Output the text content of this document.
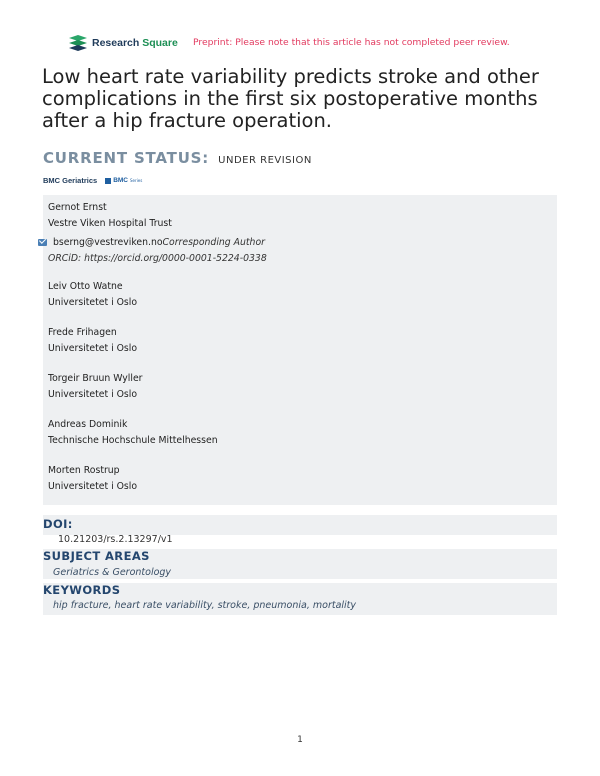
Research Square Preprint: Please note that this article has not completed peer review.
Low heart rate variability predicts stroke and other complications in the first six postoperative months after a hip fracture operation.
CURRENT STATUS: UNDER REVISION
BMC Geriatrics BMC Series
Gernot Ernst
Vestre Viken Hospital Trust
bserng@vestreviken.no Corresponding Author
ORCiD: https://orcid.org/0000-0001-5224-0338
Leiv Otto Watne
Universitetet i Oslo
Frede Frihagen
Universitetet i Oslo
Torgeir Bruun Wyller
Universitetet i Oslo
Andreas Dominik
Technische Hochschule Mittelhessen
Morten Rostrup
Universitetet i Oslo
DOI:
10.21203/rs.2.13297/v1
SUBJECT AREAS
Geriatrics & Gerontology
KEYWORDS
hip fracture, heart rate variability, stroke, pneumonia, mortality
1
